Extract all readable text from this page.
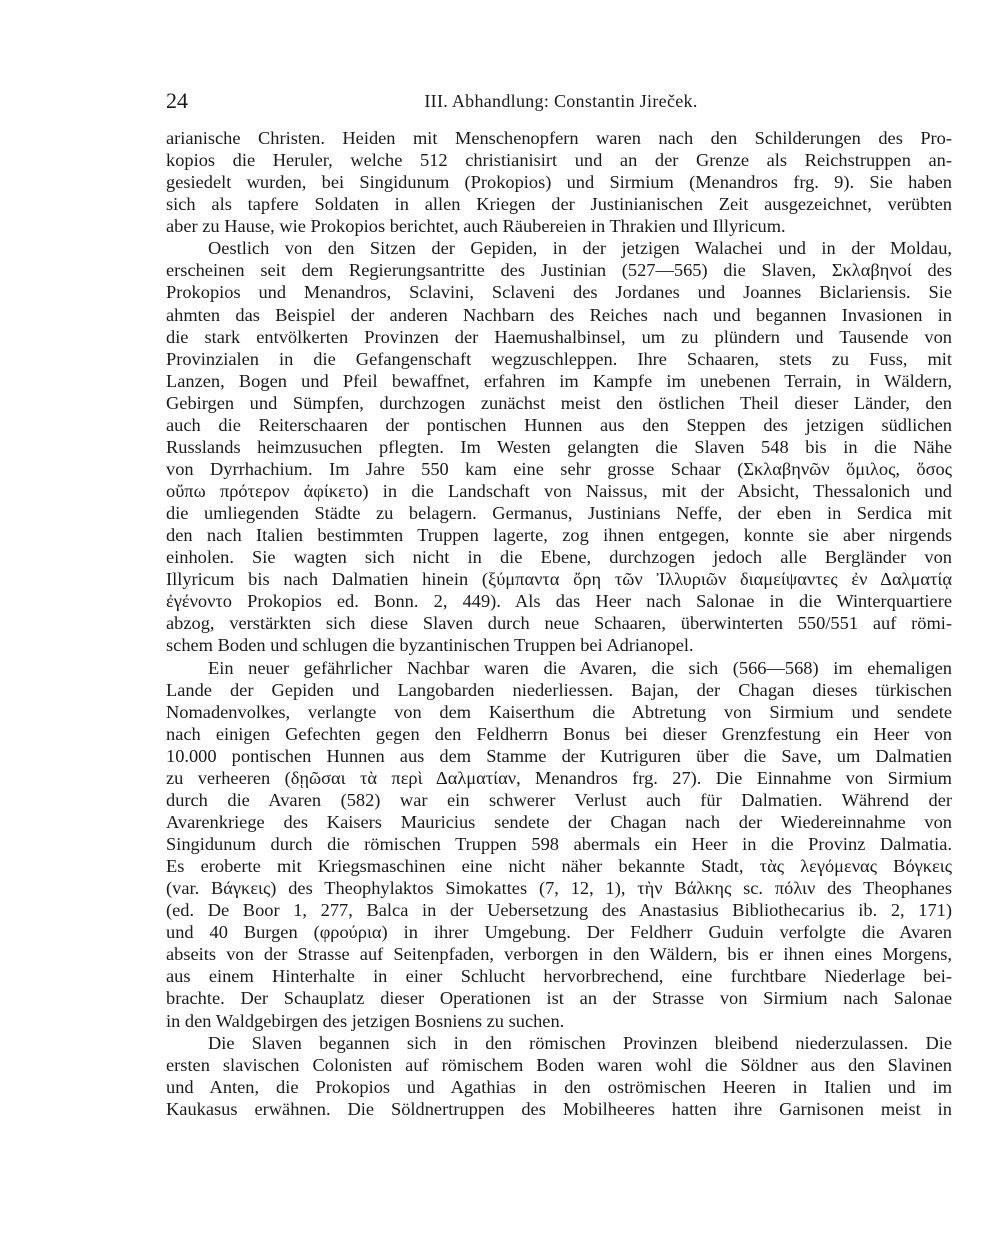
24	III. Abhandlung: Constantin Jireček.
arianische Christen. Heiden mit Menschenopfern waren nach den Schilderungen des Pro-
kopios die Heruler, welche 512 christianisirt und an der Grenze als Reichstruppen an-
gesiedelt wurden, bei Singidunum (Prokopios) und Sirmium (Menandros frg. 9). Sie haben
sich als tapfere Soldaten in allen Kriegen der Justinianischen Zeit ausgezeichnet, verübten
aber zu Hause, wie Prokopios berichtet, auch Räubereien in Thrakien und Illyricum.
Oestlich von den Sitzen der Gepiden, in der jetzigen Walachei und in der Moldau,
erscheinen seit dem Regierungsantritte des Justinian (527—565) die Slaven, Σκλαβηνοί des
Prokopios und Menandros, Sclavini, Sclaveni des Jordanes und Joannes Biclariensis. Sie
ahmten das Beispiel der anderen Nachbarn des Reiches nach und begannen Invasionen in
die stark entvölkerten Provinzen der Haemushalbinsel, um zu plündern und Tausende von
Provinzialen in die Gefangenschaft wegzuschleppen. Ihre Schaaren, stets zu Fuss, mit
Lanzen, Bogen und Pfeil bewaffnet, erfahren im Kampfe im unebenen Terrain, in Wäldern,
Gebirgen und Sümpfen, durchzogen zunächst meist den östlichen Theil dieser Länder, den
auch die Reiterschaaren der pontischen Hunnen aus den Steppen des jetzigen südlichen
Russlands heimzusuchen pflegten. Im Westen gelangten die Slaven 548 bis in die Nähe
von Dyrrhachium. Im Jahre 550 kam eine sehr grosse Schaar (Σκλαβηνῶν ὅμιλος, ὅσος
οὔπω πρότερον ἀφίκετο) in die Landschaft von Naissus, mit der Absicht, Thessalonich und
die umliegenden Städte zu belagern. Germanus, Justinians Neffe, der eben in Serdica mit
den nach Italien bestimmten Truppen lagerte, zog ihnen entgegen, konnte sie aber nirgends
einholen. Sie wagten sich nicht in die Ebene, durchzogen jedoch alle Bergländer von
Illyricum bis nach Dalmatien hinein (ξύμπαντα ὄρη τῶν Ἰλλυριῶν διαμείψαντες ἐν Δαλματίᾳ
ἐγένοντο Prokopios ed. Bonn. 2, 449). Als das Heer nach Salonae in die Winterquartiere
abzog, verstärkten sich diese Slaven durch neue Schaaren, überwinterten 550/551 auf römi-
schem Boden und schlugen die byzantinischen Truppen bei Adrianopel.
Ein neuer gefährlicher Nachbar waren die Avaren, die sich (566—568) im ehemaligen
Lande der Gepiden und Langobarden niederliessen. Bajan, der Chagan dieses türkischen
Nomadenvolkes, verlangte von dem Kaiserthum die Abtretung von Sirmium und sendete
nach einigen Gefechten gegen den Feldherrn Bonus bei dieser Grenzfestung ein Heer von
10.000 pontischen Hunnen aus dem Stamme der Kutriguren über die Save, um Dalmatien
zu verheeren (δῃῶσαι τὰ περὶ Δαλματίαν, Menandros frg. 27). Die Einnahme von Sirmium
durch die Avaren (582) war ein schwerer Verlust auch für Dalmatien. Während der
Avarenkriege des Kaisers Mauricius sendete der Chagan nach der Wiedereinnahme von
Singidunum durch die römischen Truppen 598 abermals ein Heer in die Provinz Dalmatia.
Es eroberte mit Kriegsmaschinen eine nicht näher bekannte Stadt, τὰς λεγόμενας Βόγκεις
(var. Βάγκεις) des Theophylaktos Simokattes (7, 12, 1), τὴν Βάλκης sc. πόλιν des Theophanes
(ed. De Boor 1, 277, Balca in der Uebersetzung des Anastasius Bibliothecarius ib. 2, 171)
und 40 Burgen (φρούρια) in ihrer Umgebung. Der Feldherr Guduin verfolgte die Avaren
abseits von der Strasse auf Seitenpfaden, verborgen in den Wäldern, bis er ihnen eines Morgens,
aus einem Hinterhalte in einer Schlucht hervorbrechend, eine furchtbare Niederlage bei-
brachte. Der Schauplatz dieser Operationen ist an der Strasse von Sirmium nach Salonae
in den Waldgebirgen des jetzigen Bosniens zu suchen.
Die Slaven begannen sich in den römischen Provinzen bleibend niederzulassen. Die
ersten slavischen Colonisten auf römischem Boden waren wohl die Söldner aus den Slavinen
und Anten, die Prokopios und Agathias in den oströmischen Heeren in Italien und im
Kaukasus erwähnen. Die Söldnertruppen des Mobilheeres hatten ihre Garnisonen meist in
